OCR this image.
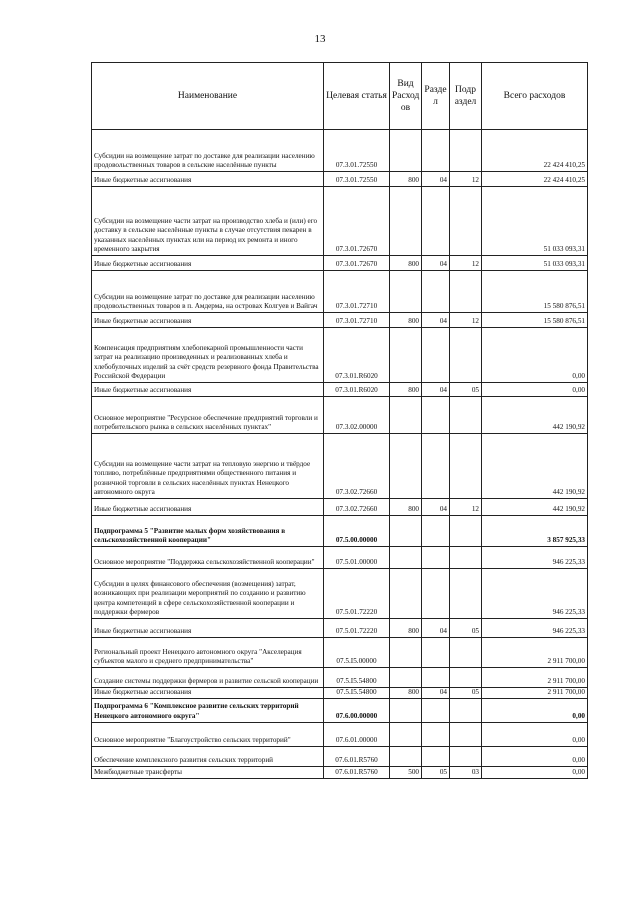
13
Наименование	Целевая статья	Вид Расход ов	Разде л	Подр аздел	Всего расходов
Субсидии на возмещение затрат по доставке для реализации населению продовольственных товаров в сельские населённые пункты	07.3.01.72550				22 424 410,25
Иные бюджетные ассигнования	07.3.01.72550	800	04	12	22 424 410,25
Субсидии на возмещение части затрат на производство хлеба и (или) его доставку в сельские населённые пункты в случае отсутствия пекарен в указанных населённых пунктах или на период их ремонта и иного временного закрытия	07.3.01.72670				51 033 093,31
Иные бюджетные ассигнования	07.3.01.72670	800	04	12	51 033 093,31
Субсидии на возмещение затрат по доставке для реализации населению продовольственных товаров в п. Амдерма, на островах Колгуев и Вайгач	07.3.01.72710				15 580 876,51
Иные бюджетные ассигнования	07.3.01.72710	800	04	12	15 580 876,51
Компенсация предприятиям хлебопекарной промышленности части затрат на реализацию произведенных и реализованных хлеба и хлебобулочных изделий за счёт средств резервного фонда Правительства Российской Федерации	07.3.01.R6020				0,00
Иные бюджетные ассигнования	07.3.01.R6020	800	04	05	0,00
Основное мероприятие "Ресурсное обеспечение предприятий торговли и потребительского рынка в сельских населённых пунктах"	07.3.02.00000				442 190,92
Субсидии на возмещение части затрат на тепловую энергию и твёрдое топливо, потреблённые предприятиями общественного питания и розничной торговли в сельских населённых пунктах Ненецкого автономного округа	07.3.02.72660				442 190,92
Иные бюджетные ассигнования	07.3.02.72660	800	04	12	442 190,92
Подпрограмма 5 "Развитие малых форм хозяйствования в сельскохозяйственной кооперации"	07.5.00.00000				3 857 925,33
Основное мероприятие "Поддержка сельскохозяйственной кооперации"	07.5.01.00000				946 225,33
Субсидии в целях финансового обеспечения (возмещения) затрат, возникающих при реализации мероприятий по созданию и развитию центра компетенций в сфере сельскохозяйственной кооперации и поддержки фермеров	07.5.01.72220				946 225,33
Иные бюджетные ассигнования	07.5.01.72220	800	04	05	946 225,33
Региональный проект Ненецкого автономного округа "Акселерация субъектов малого и среднего предпринимательства"	07.5.I5.00000				2 911 700,00
Создание системы поддержки фермеров и развитие сельской кооперации	07.5.I5.54800				2 911 700,00
Иные бюджетные ассигнования	07.5.I5.54800	800	04	05	2 911 700,00
Подпрограмма 6 "Комплексное развитие сельских территорий Ненецкого автономного округа"	07.6.00.00000				0,00
Основное мероприятие "Благоустройство сельских территорий"	07.6.01.00000				0,00
Обеспечение комплексного развития сельских территорий	07.6.01.R5760				0,00
Межбюджетные трансферты	07.6.01.R5760	500	05	03	0,00
